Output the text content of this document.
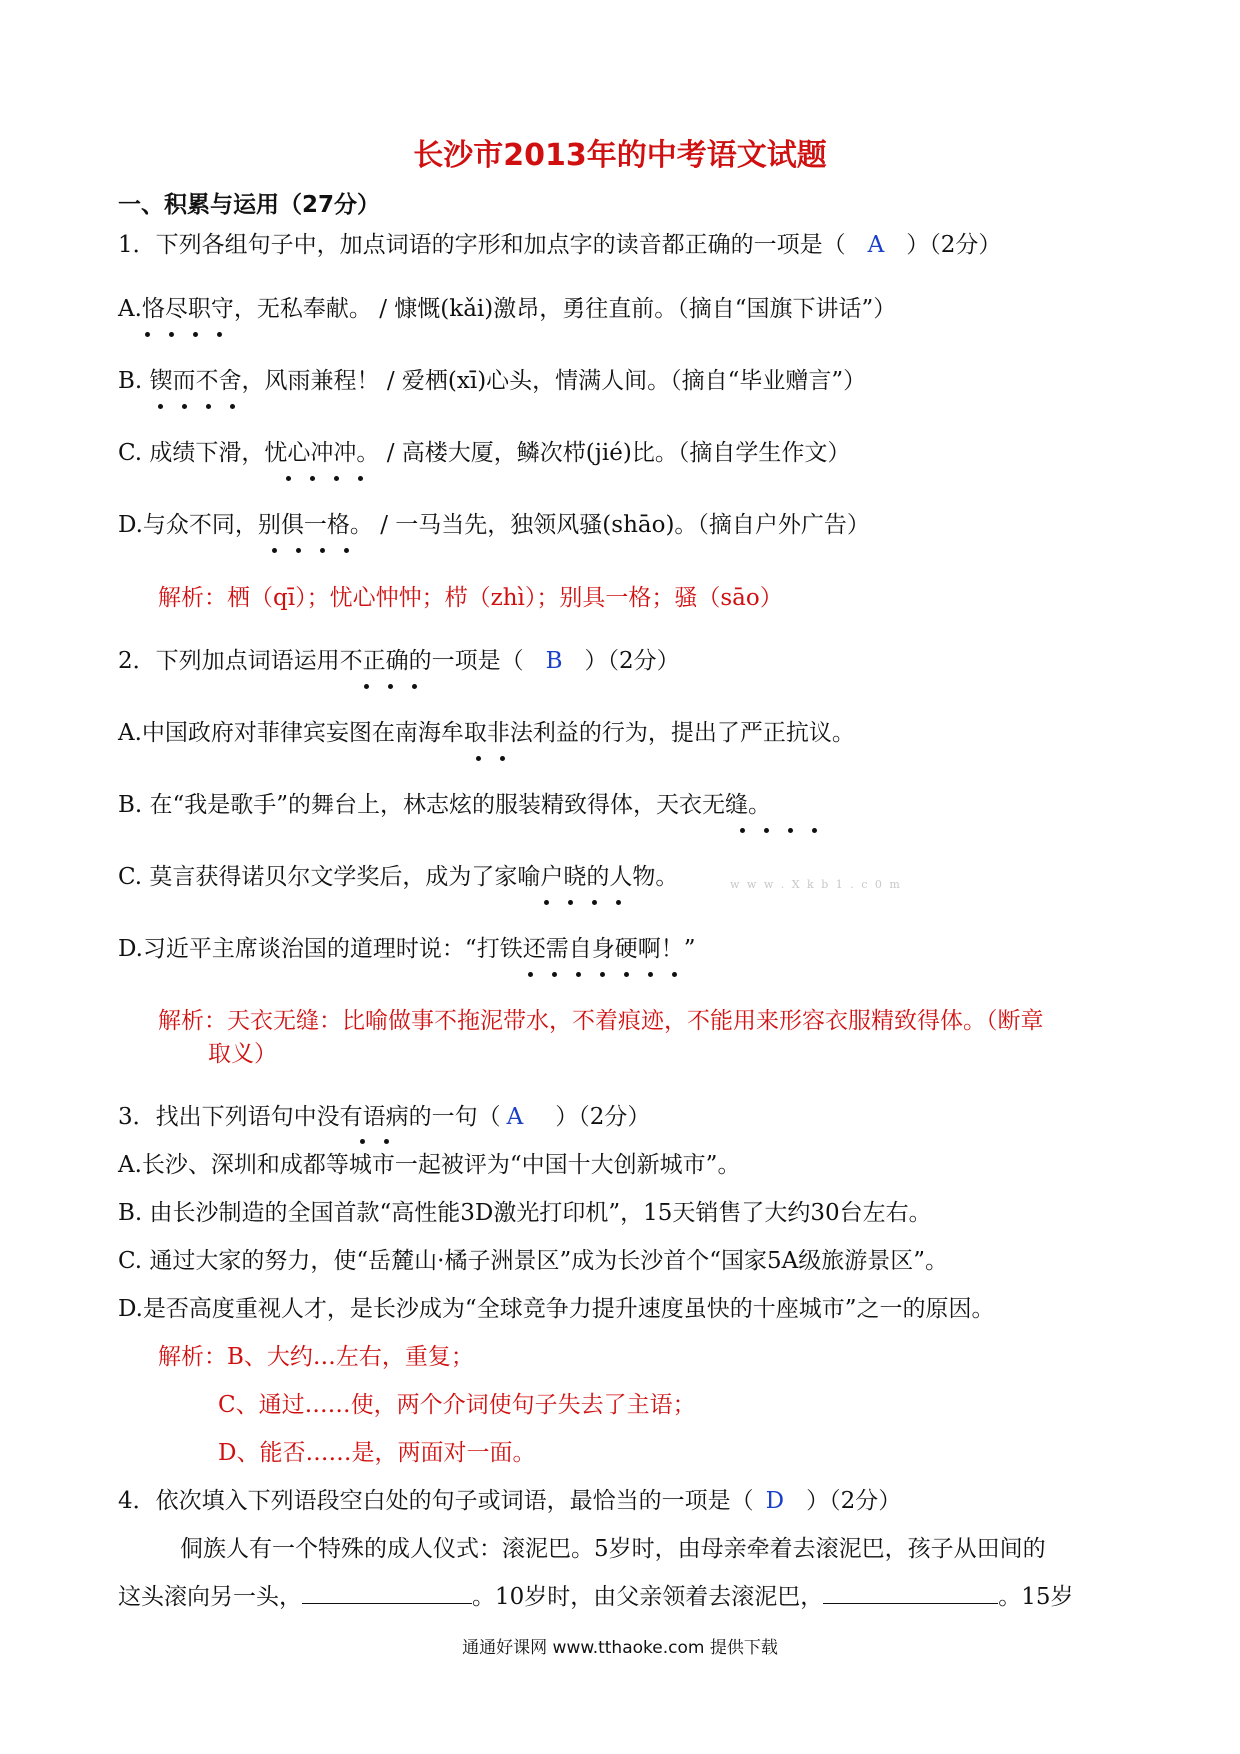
长沙市2013年的中考语文试题
一、积累与运用（27分）
1．下列各组句子中，加点词语的字形和加点字的读音都正确的一项是（ A ）（2分）
A.恪尽职守，无私奉献。 / 慷慨(kǎi)激昂，勇往直前。（摘自“国旗下讲话”）
B. 锲而不舍，风雨兼程！ / 爱栖(xī)心头，情满人间。（摘自“毕业赠言”）
C. 成绩下滑，忧心冲冲。 / 高楼大厦，鳞次栉(jié)比。（摘自学生作文）
D.与众不同，别俱一格。 / 一马当先，独领风骚(shāo)。（摘自户外广告）
解析：栖（qī）；忧心忡忡；栉（zhì）；别具一格；骚（sāo）
2．下列加点词语运用不正确的一项是（ B ）（2分）
A.中国政府对菲律宾妄图在南海牟取非法利益的行为，提出了严正抗议。
B. 在“我是歌手”的舞台上，林志炫的服装精致得体，天衣无缝。
C. 莫言获得诺贝尔文学奖后，成为了家喻户晓的人物。	w w w . X k b 1 . c 0 m
D.习近平主席谈治国的道理时说：“打铁还需自身硬啊！”
解析：天衣无缝：比喻做事不拖泥带水，不着痕迹，不能用来形容衣服精致得体。（断章
取义）
3．找出下列语句中没有语病的一句（ A ）（2分）
A.长沙、深圳和成都等城市一起被评为“中国十大创新城市”。
B. 由长沙制造的全国首款“高性能3D激光打印机”，15天销售了大约30台左右。
C. 通过大家的努力，使“岳麓山·橘子洲景区”成为长沙首个“国家5A级旅游景区”。
D.是否高度重视人才，是长沙成为“全球竞争力提升速度虽快的十座城市”之一的原因。
解析：B、大约…左右，重复；
C、通过……使，两个介词使句子失去了主语；
D、能否……是，两面对一面。
4．依次填入下列语段空白处的句子或词语，最恰当的一项是（ D ）（2分）
侗族人有一个特殊的成人仪式：滚泥巴。5岁时，由母亲牵着去滚泥巴，孩子从田间的
这头滚向另一头，	。10岁时，由父亲领着去滚泥巴，	。15岁
通通好课网 www.tthaoke.com 提供下载
